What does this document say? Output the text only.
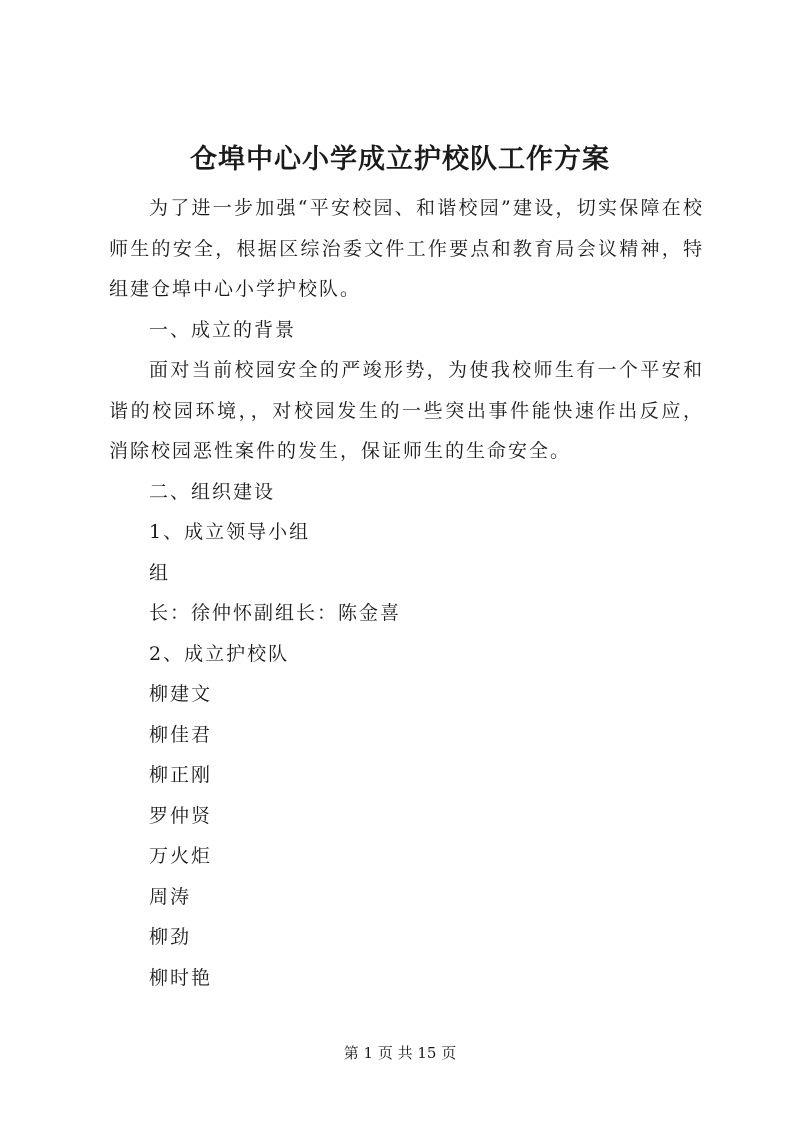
仓埠中心小学成立护校队工作方案

为了进一步加强“平安校园、和谐校园”建设，切实保障在校师生的安全，根据区综治委文件工作要点和教育局会议精神，特组建仓埠中心小学护校队。

一、成立的背景

面对当前校园安全的严竣形势，为使我校师生有一个平安和谐的校园环境，，对校园发生的一些突出事件能快速作出反应，消除校园恶性案件的发生，保证师生的生命安全。

二、组织建设

1、成立领导小组

组

长：徐仲怀副组长：陈金喜

2、成立护校队

柳建文

柳佳君

柳正刚

罗仲贤

万火炬

周涛

柳劲

柳时艳

第 1 页 共 15 页
